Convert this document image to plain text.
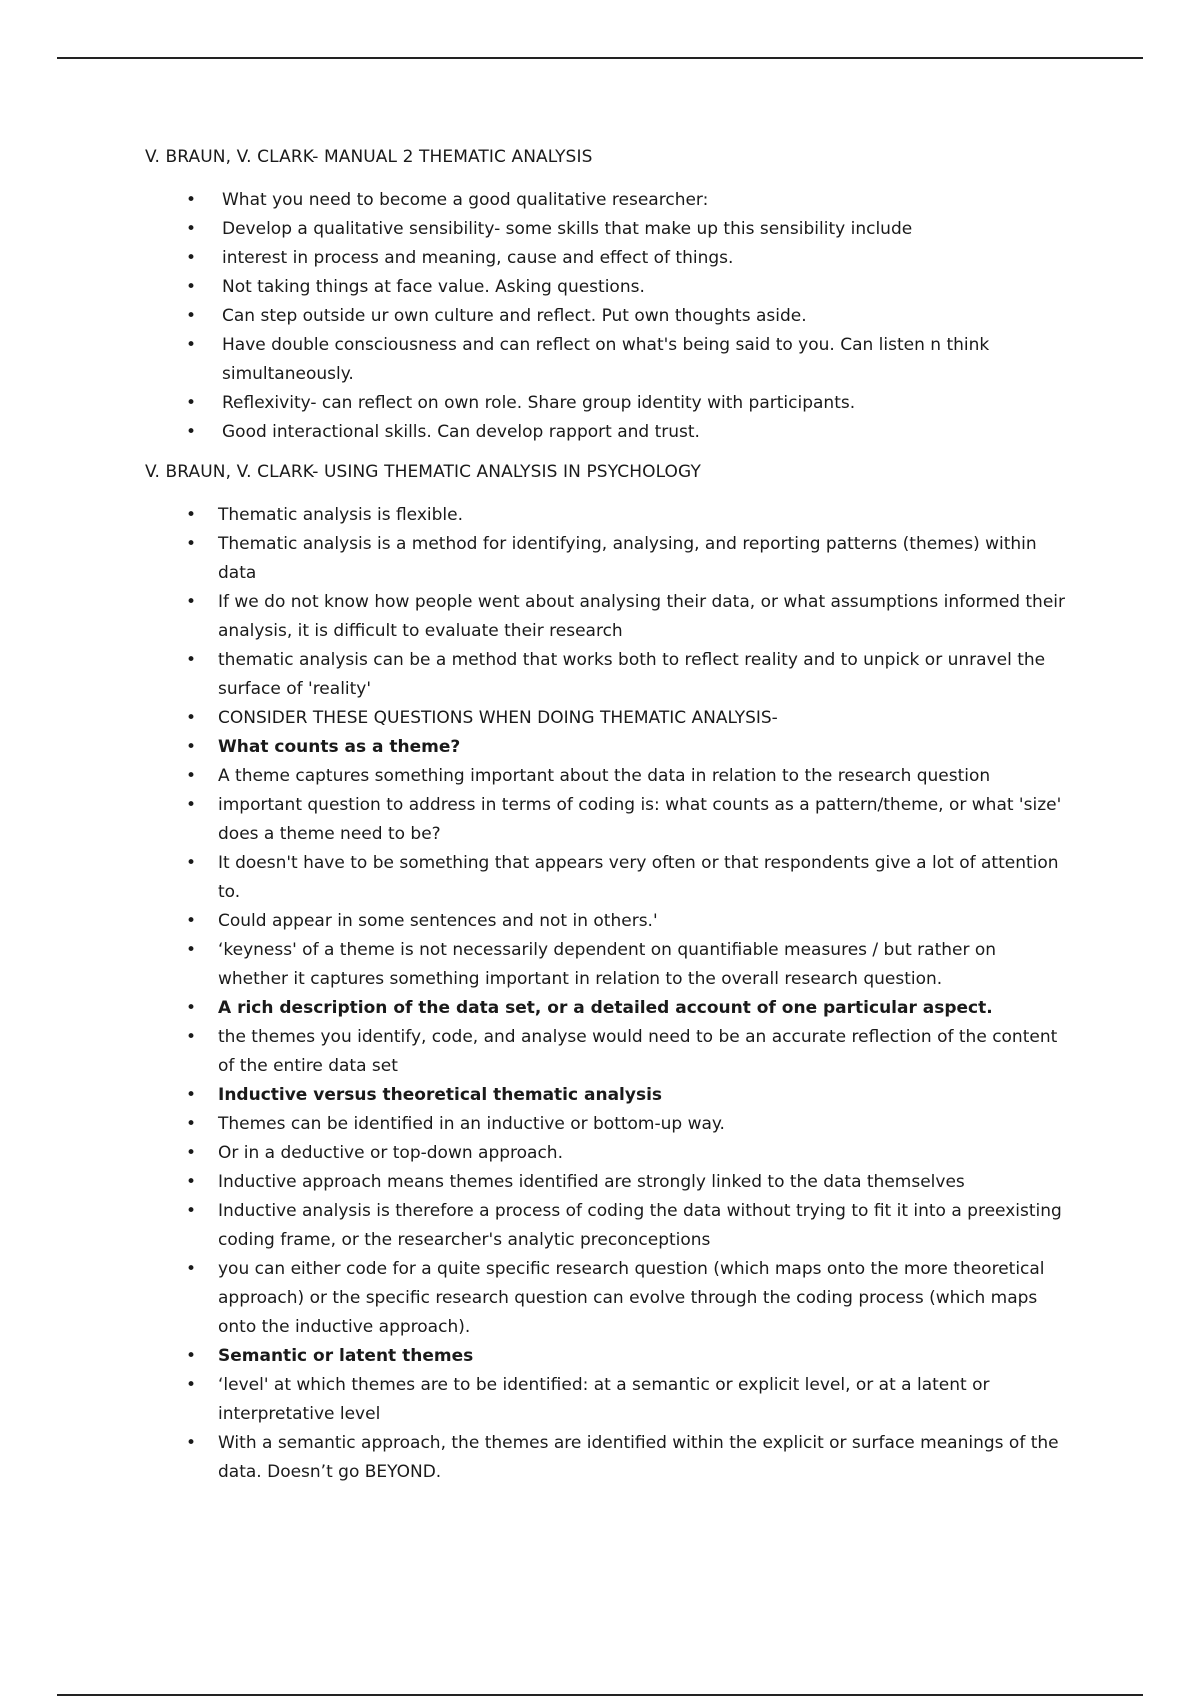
V. BRAUN, V. CLARK- MANUAL 2 THEMATIC ANALYSIS
• What you need to become a good qualitative researcher:
• Develop a qualitative sensibility- some skills that make up this sensibility include
• interest in process and meaning, cause and effect of things.
• Not taking things at face value. Asking questions.
• Can step outside ur own culture and reflect. Put own thoughts aside.
• Have double consciousness and can reflect on what's being said to you. Can listen n think simultaneously.
• Reflexivity- can reflect on own role. Share group identity with participants.
• Good interactional skills. Can develop rapport and trust.
V. BRAUN, V. CLARK- USING THEMATIC ANALYSIS IN PSYCHOLOGY
• Thematic analysis is flexible.
• Thematic analysis is a method for identifying, analysing, and reporting patterns (themes) within data
• If we do not know how people went about analysing their data, or what assumptions informed their analysis, it is difficult to evaluate their research
• thematic analysis can be a method that works both to reflect reality and to unpick or unravel the surface of 'reality'
• CONSIDER THESE QUESTIONS WHEN DOING THEMATIC ANALYSIS-
• What counts as a theme?
• A theme captures something important about the data in relation to the research question
• important question to address in terms of coding is: what counts as a pattern/theme, or what 'size' does a theme need to be?
• It doesn't have to be something that appears very often or that respondents give a lot of attention to.
• Could appear in some sentences and not in others.'
• ‘keyness' of a theme is not necessarily dependent on quantifiable measures / but rather on whether it captures something important in relation to the overall research question.
• A rich description of the data set, or a detailed account of one particular aspect.
• the themes you identify, code, and analyse would need to be an accurate reflection of the content of the entire data set
• Inductive versus theoretical thematic analysis
• Themes can be identified in an inductive or bottom-up way.
• Or in a deductive or top-down approach.
• Inductive approach means themes identified are strongly linked to the data themselves
• Inductive analysis is therefore a process of coding the data without trying to fit it into a preexisting coding frame, or the researcher's analytic preconceptions
• you can either code for a quite specific research question (which maps onto the more theoretical approach) or the specific research question can evolve through the coding process (which maps onto the inductive approach).
• Semantic or latent themes
• ‘level' at which themes are to be identified: at a semantic or explicit level, or at a latent or interpretative level
• With a semantic approach, the themes are identified within the explicit or surface meanings of the data. Doesn’t go BEYOND.
